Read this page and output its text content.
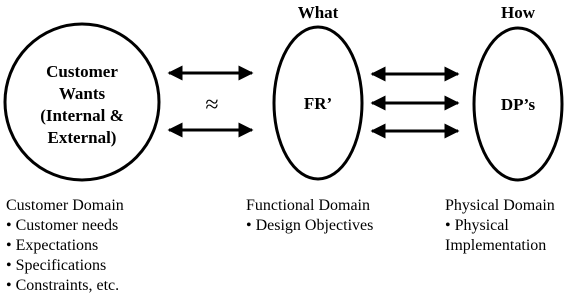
What	How
Customer
Wants
(Internal &
External)
≈	FR’	DP’s
Customer Domain
• Customer needs
• Expectations
• Specifications
• Constraints, etc.
Functional Domain
• Design Objectives
Physical Domain
• Physical
Implementation
